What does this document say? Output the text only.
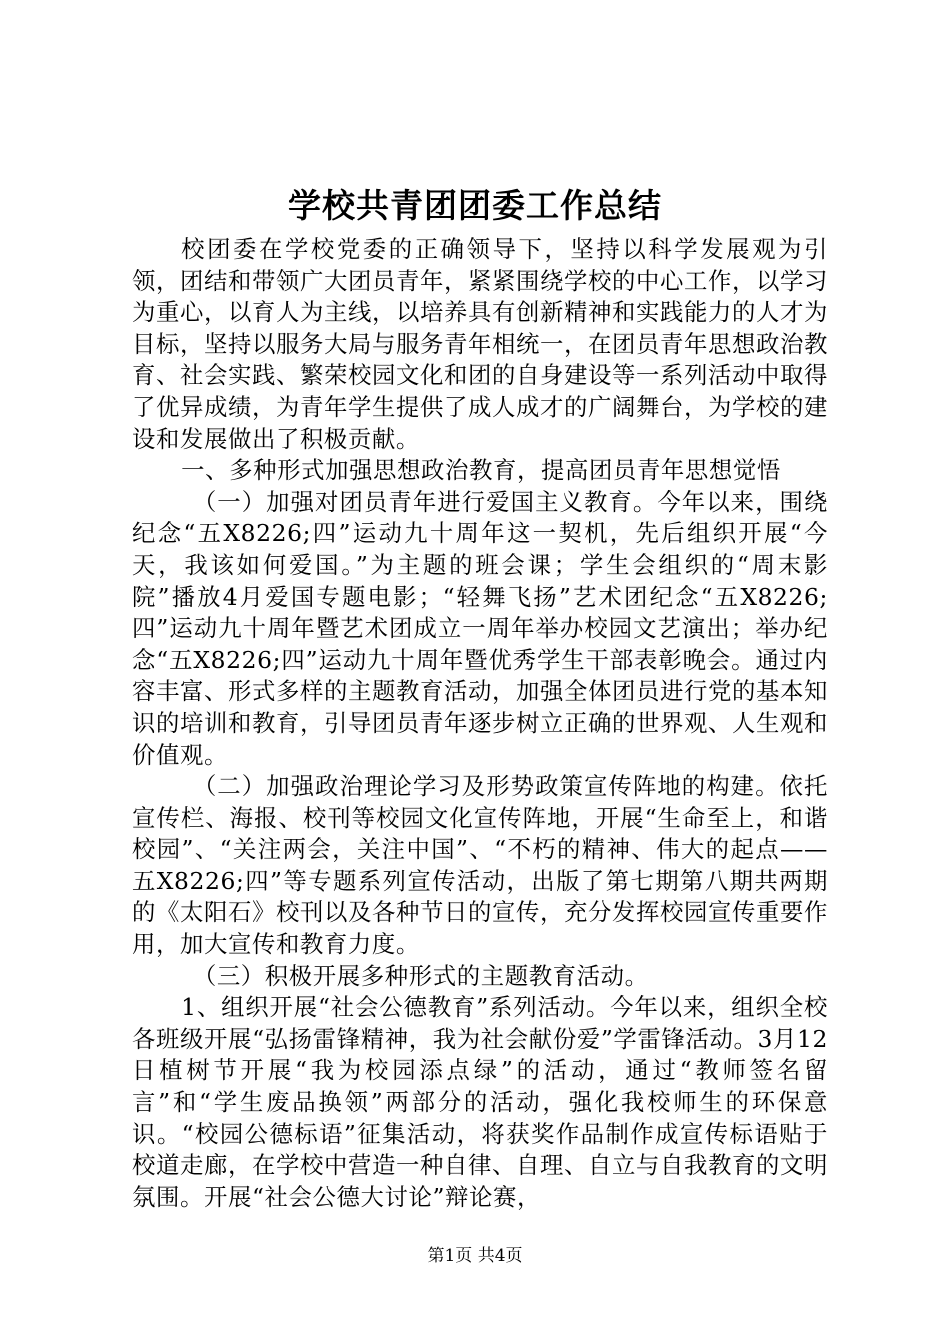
学校共青团团委工作总结

校团委在学校党委的正确领导下，坚持以科学发展观为引领，团结和带领广大团员青年，紧紧围绕学校的中心工作，以学习为重心，以育人为主线，以培养具有创新精神和实践能力的人才为目标，坚持以服务大局与服务青年相统一，在团员青年思想政治教育、社会实践、繁荣校园文化和团的自身建设等一系列活动中取得了优异成绩，为青年学生提供了成人成才的广阔舞台，为学校的建设和发展做出了积极贡献。

一、多种形式加强思想政治教育，提高团员青年思想觉悟

（一）加强对团员青年进行爱国主义教育。今年以来，围绕纪念“五X8226;四”运动九十周年这一契机，先后组织开展“今天，我该如何爱国。”为主题的班会课；学生会组织的“周末影院”播放4月爱国专题电影；“轻舞飞扬”艺术团纪念“五X8226;四”运动九十周年暨艺术团成立一周年举办校园文艺演出；举办纪念“五X8226;四”运动九十周年暨优秀学生干部表彰晚会。通过内容丰富、形式多样的主题教育活动，加强全体团员进行党的基本知识的培训和教育，引导团员青年逐步树立正确的世界观、人生观和价值观。

（二）加强政治理论学习及形势政策宣传阵地的构建。依托宣传栏、海报、校刊等校园文化宣传阵地，开展“生命至上，和谐校园”、“关注两会，关注中国”、“不朽的精神、伟大的起点——五X8226;四”等专题系列宣传活动，出版了第七期第八期共两期的《太阳石》校刊以及各种节日的宣传，充分发挥校园宣传重要作用，加大宣传和教育力度。

（三）积极开展多种形式的主题教育活动。

1、组织开展“社会公德教育”系列活动。今年以来，组织全校各班级开展“弘扬雷锋精神，我为社会献份爱”学雷锋活动。3月12日植树节开展“我为校园添点绿”的活动，通过“教师签名留言”和“学生废品换领”两部分的活动，强化我校师生的环保意识。“校园公德标语”征集活动，将获奖作品制作成宣传标语贴于校道走廊，在学校中营造一种自律、自理、自立与自我教育的文明氛围。开展“社会公德大讨论”辩论赛，

第1页 共4页
